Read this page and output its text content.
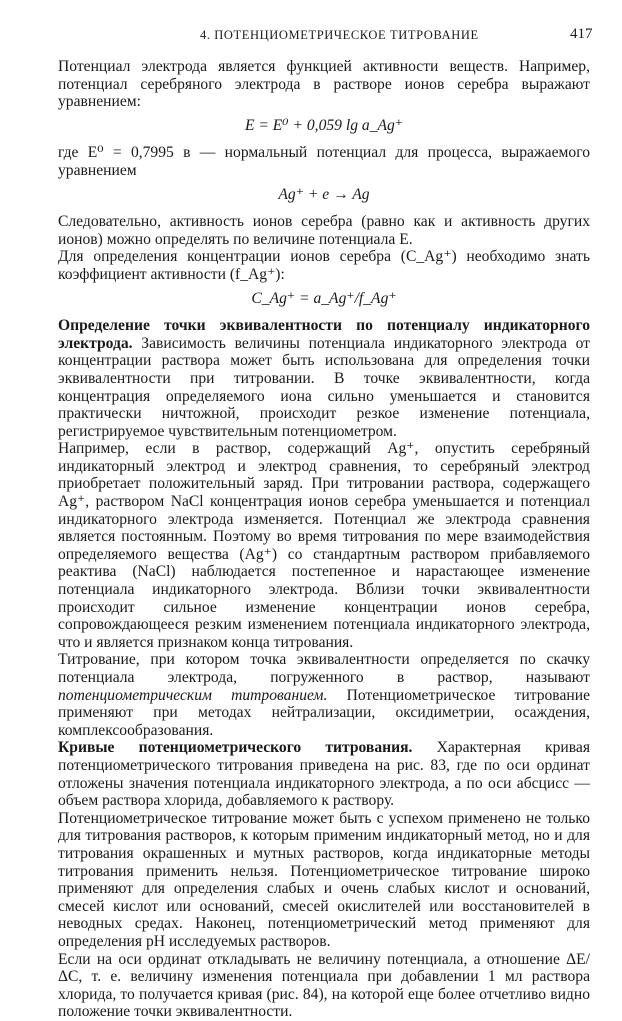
4. ПОТЕНЦИОМЕТРИЧЕСКОЕ ТИТРОВАНИЕ	417

Потенциал электрода является функцией активности веществ. Например, потенциал серебряного электрода в растворе ионов серебра выражают уравнением:

E = E⁰ + 0,059 lg a_Ag⁺

где E⁰ = 0,7995 в — нормальный потенциал для процесса, выражаемого уравнением

Ag⁺ + e → Ag

Следовательно, активность ионов серебра (равно как и активность других ионов) можно определять по величине потенциала E.

Для определения концентрации ионов серебра (C_Ag⁺) необходимо знать коэффициент активности (f_Ag⁺):

C_Ag⁺ = a_Ag⁺/f_Ag⁺

Определение точки эквивалентности по потенциалу индикаторного электрода. Зависимость величины потенциала индикаторного электрода от концентрации раствора может быть использована для определения точки эквивалентности при титровании. В точке эквивалентности, когда концентрация определяемого иона сильно уменьшается и становится практически ничтожной, происходит резкое изменение потенциала, регистрируемое чувствительным потенциометром.

Например, если в раствор, содержащий Ag⁺, опустить серебряный индикаторный электрод и электрод сравнения, то серебряный электрод приобретает положительный заряд. При титровании раствора, содержащего Ag⁺, раствором NaCl концентрация ионов серебра уменьшается и потенциал индикаторного электрода изменяется. Потенциал же электрода сравнения является постоянным. Поэтому во время титрования по мере взаимодействия определяемого вещества (Ag⁺) со стандартным раствором прибавляемого реактива (NaCl) наблюдается постепенное и нарастающее изменение потенциала индикаторного электрода. Вблизи точки эквивалентности происходит сильное изменение концентрации ионов серебра, сопровождающееся резким изменением потенциала индикаторного электрода, что и является признаком конца титрования.

Титрование, при котором точка эквивалентности определяется по скачку потенциала электрода, погруженного в раствор, называют потенциометрическим титрованием. Потенциометрическое титрование применяют при методах нейтрализации, оксидиметрии, осаждения, комплексообразования.

Кривые потенциометрического титрования. Характерная кривая потенциометрического титрования приведена на рис. 83, где по оси ординат отложены значения потенциала индикаторного электрода, а по оси абсцисс — объем раствора хлорида, добавляемого к раствору.

Потенциометрическое титрование может быть с успехом применено не только для титрования растворов, к которым применим индикаторный метод, но и для титрования окрашенных и мутных растворов, когда индикаторные методы титрования применить нельзя. Потенциометрическое титрование широко применяют для определения слабых и очень слабых кислот и оснований, смесей кислот или оснований, смесей окислителей или восстановителей в неводных средах. Наконец, потенциометрический метод применяют для определения pH исследуемых растворов.

Если на оси ординат откладывать не величину потенциала, а отношение ΔE/ΔC, т. е. величину изменения потенциала при добавлении 1 мл раствора хлорида, то получается кривая (рис. 84), на которой еще более отчетливо видно положение точки эквивалентности.
